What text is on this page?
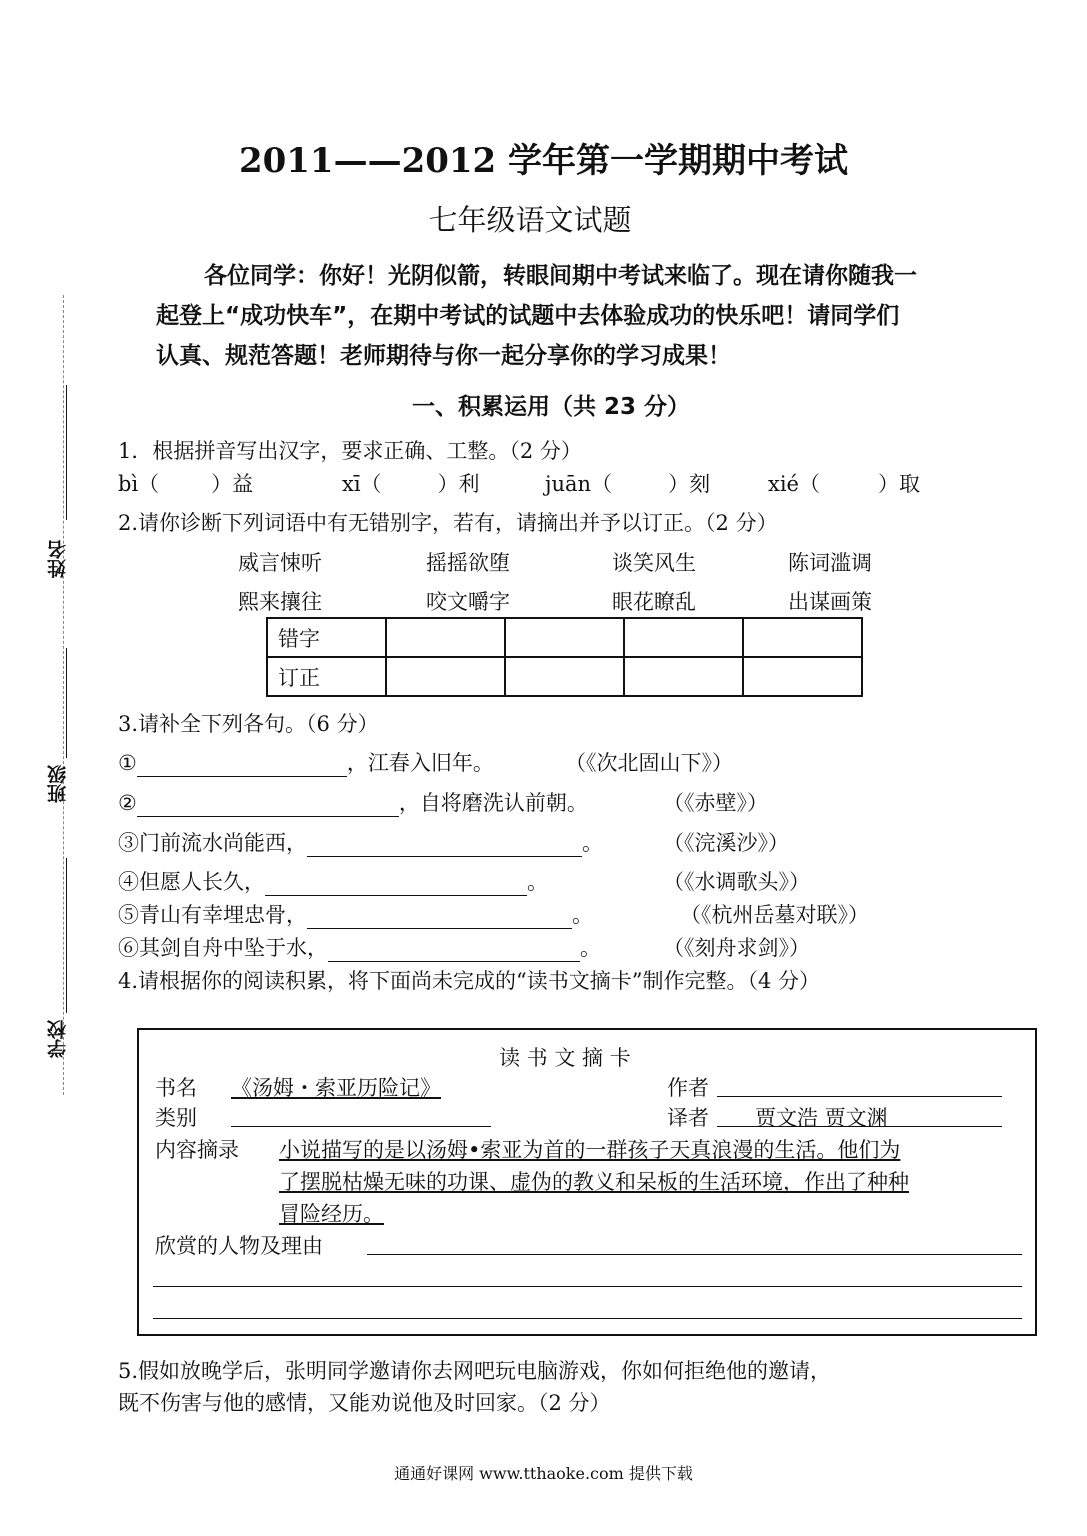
姓名
班级
学校
2011——2012 学年第一学期期中考试
七年级语文试题
各位同学：你好！光阴似箭，转眼间期中考试来临了。现在请你随我一
起登上“成功快车”，在期中考试的试题中去体验成功的快乐吧！请同学们
认真、规范答题！老师期待与你一起分享你的学习成果！
一、积累运用（共 23 分）
1．根据拼音写出汉字，要求正确、工整。（2 分）
bì（ ）益	xī（	）利	juān（	）刻	xié（	）取
2.请你诊断下列词语中有无错别字，若有，请摘出并予以订正。（2 分）
威言悚听	摇摇欲堕	谈笑风生	陈词滥调
熙来攘往	咬文嚼字	眼花瞭乱	出谋画策
错字				
订正				
3.请补全下列各句。（6 分）
①	，江春入旧年。	（《次北固山下》）
②	，自将磨洗认前朝。	（《赤壁》）
③门前流水尚能西，	。	（《浣溪沙》）
④但愿人长久，	。	（《水调歌头》）
⑤青山有幸埋忠骨，	。	（《杭州岳墓对联》）
⑥其剑自舟中坠于水，	。	（《刻舟求剑》）
4.请根据你的阅读积累，将下面尚未完成的“读书文摘卡”制作完整。（4 分）
读 书 文 摘 卡
书名 《汤姆・索亚历险记》	作者
类别	译者 贾文浩 贾文渊
内容摘录 小说描写的是以汤姆•索亚为首的一群孩子天真浪漫的生活。他们为
了摆脱枯燥无味的功课、虚伪的教义和呆板的生活环境，作出了种种
冒险经历。
欣赏的人物及理由
5.假如放晚学后，张明同学邀请你去网吧玩电脑游戏，你如何拒绝他的邀请，
既不伤害与他的感情，又能劝说他及时回家。（2 分）
通通好课网 www.tthaoke.com 提供下载
